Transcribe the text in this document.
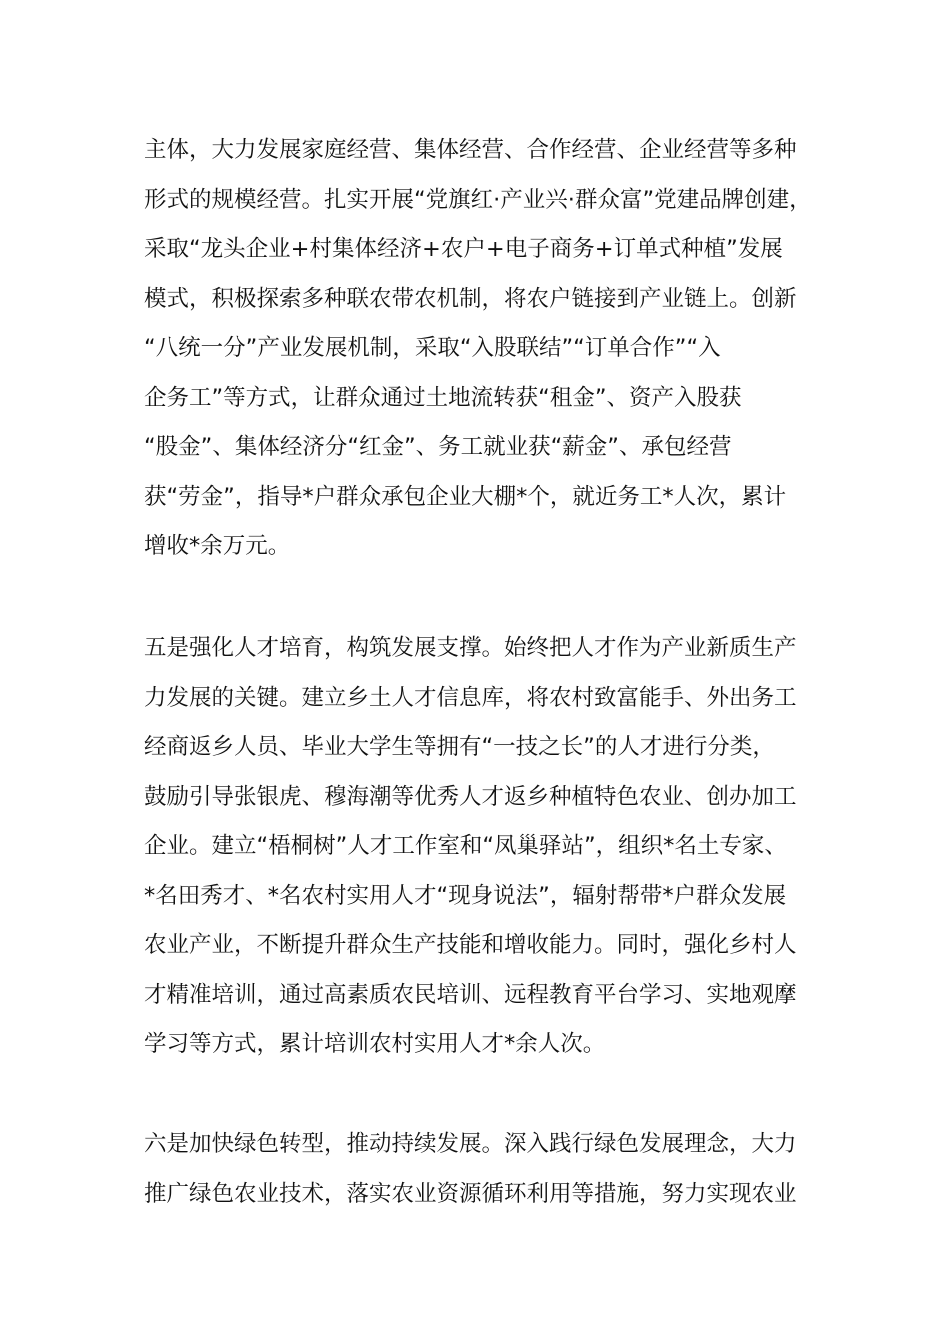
主体，大力发展家庭经营、集体经营、合作经营、企业经营等多种
形式的规模经营。扎实开展“党旗红·产业兴·群众富”党建品牌创建，
采取“龙头企业+村集体经济+农户+电子商务+订单式种植”发展
模式，积极探索多种联农带农机制，将农户链接到产业链上。创新
“八统一分”产业发展机制，采取“入股联结”“订单合作”“入
企务工”等方式，让群众通过土地流转获“租金”、资产入股获
“股金”、集体经济分“红金”、务工就业获“薪金”、承包经营
获“劳金”，指导*户群众承包企业大棚*个，就近务工*人次，累计
增收*余万元。
五是强化人才培育，构筑发展支撑。始终把人才作为产业新质生产
力发展的关键。建立乡土人才信息库，将农村致富能手、外出务工
经商返乡人员、毕业大学生等拥有“一技之长”的人才进行分类，
鼓励引导张银虎、穆海潮等优秀人才返乡种植特色农业、创办加工
企业。建立“梧桐树”人才工作室和“凤巢驿站”，组织*名土专家、
*名田秀才、*名农村实用人才“现身说法”，辐射帮带*户群众发展
农业产业，不断提升群众生产技能和增收能力。同时，强化乡村人
才精准培训，通过高素质农民培训、远程教育平台学习、实地观摩
学习等方式，累计培训农村实用人才*余人次。
六是加快绿色转型，推动持续发展。深入践行绿色发展理念，大力
推广绿色农业技术，落实农业资源循环利用等措施，努力实现农业
